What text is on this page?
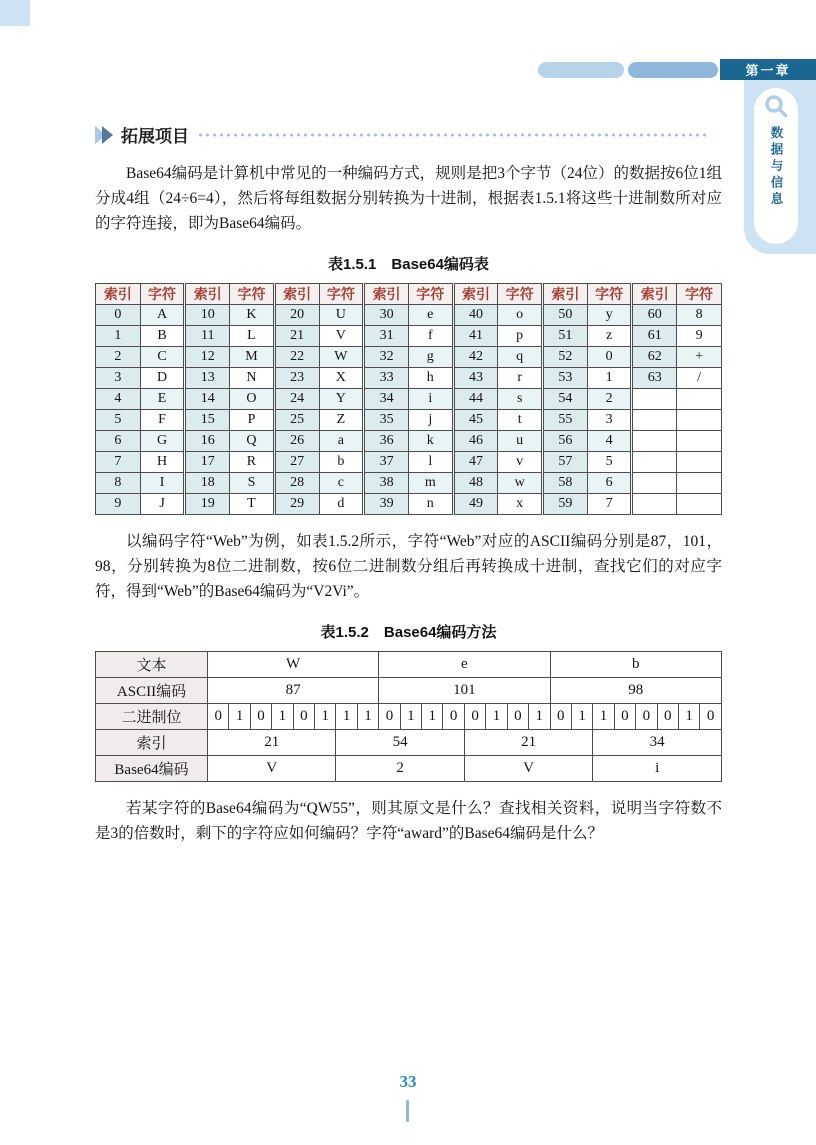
第一章
数据与信息
拓展项目

Base64编码是计算机中常见的一种编码方式，规则是把3个字节（24位）的数据按6位1组分成4组（24÷6=4），然后将每组数据分别转换为十进制，根据表1.5.1将这些十进制数所对应的字符连接，即为Base64编码。

表1.5.1　Base64编码表
索引	字符	索引	字符	索引	字符	索引	字符	索引	字符	索引	字符	索引	字符
0	A	10	K	20	U	30	e	40	o	50	y	60	8
1	B	11	L	21	V	31	f	41	p	51	z	61	9
2	C	12	M	22	W	32	g	42	q	52	0	62	+
3	D	13	N	23	X	33	h	43	r	53	1	63	/
4	E	14	O	24	Y	34	i	44	s	54	2		
5	F	15	P	25	Z	35	j	45	t	55	3		
6	G	16	Q	26	a	36	k	46	u	56	4		
7	H	17	R	27	b	37	l	47	v	57	5		
8	I	18	S	28	c	38	m	48	w	58	6		
9	J	19	T	29	d	39	n	49	x	59	7		

以编码字符“Web”为例，如表1.5.2所示，字符“Web”对应的ASCII编码分别是87，101，98，分别转换为8位二进制数，按6位二进制数分组后再转换成十进制，查找它们的对应字符，得到“Web”的Base64编码为“V2Vi”。

表1.5.2　Base64编码方法
文本	W								e								b							
ASCII编码	87								101								98							
二进制位	0	1	0	1	0	1	1	1	0	1	1	0	0	1	0	1	0	1	1	0	0	0	1	0
索引	21						54						21						34					
Base64编码	V						2						V						i					

若某字符的Base64编码为“QW55”，则其原文是什么？查找相关资料，说明当字符数不是3的倍数时，剩下的字符应如何编码？字符“award”的Base64编码是什么？

33
